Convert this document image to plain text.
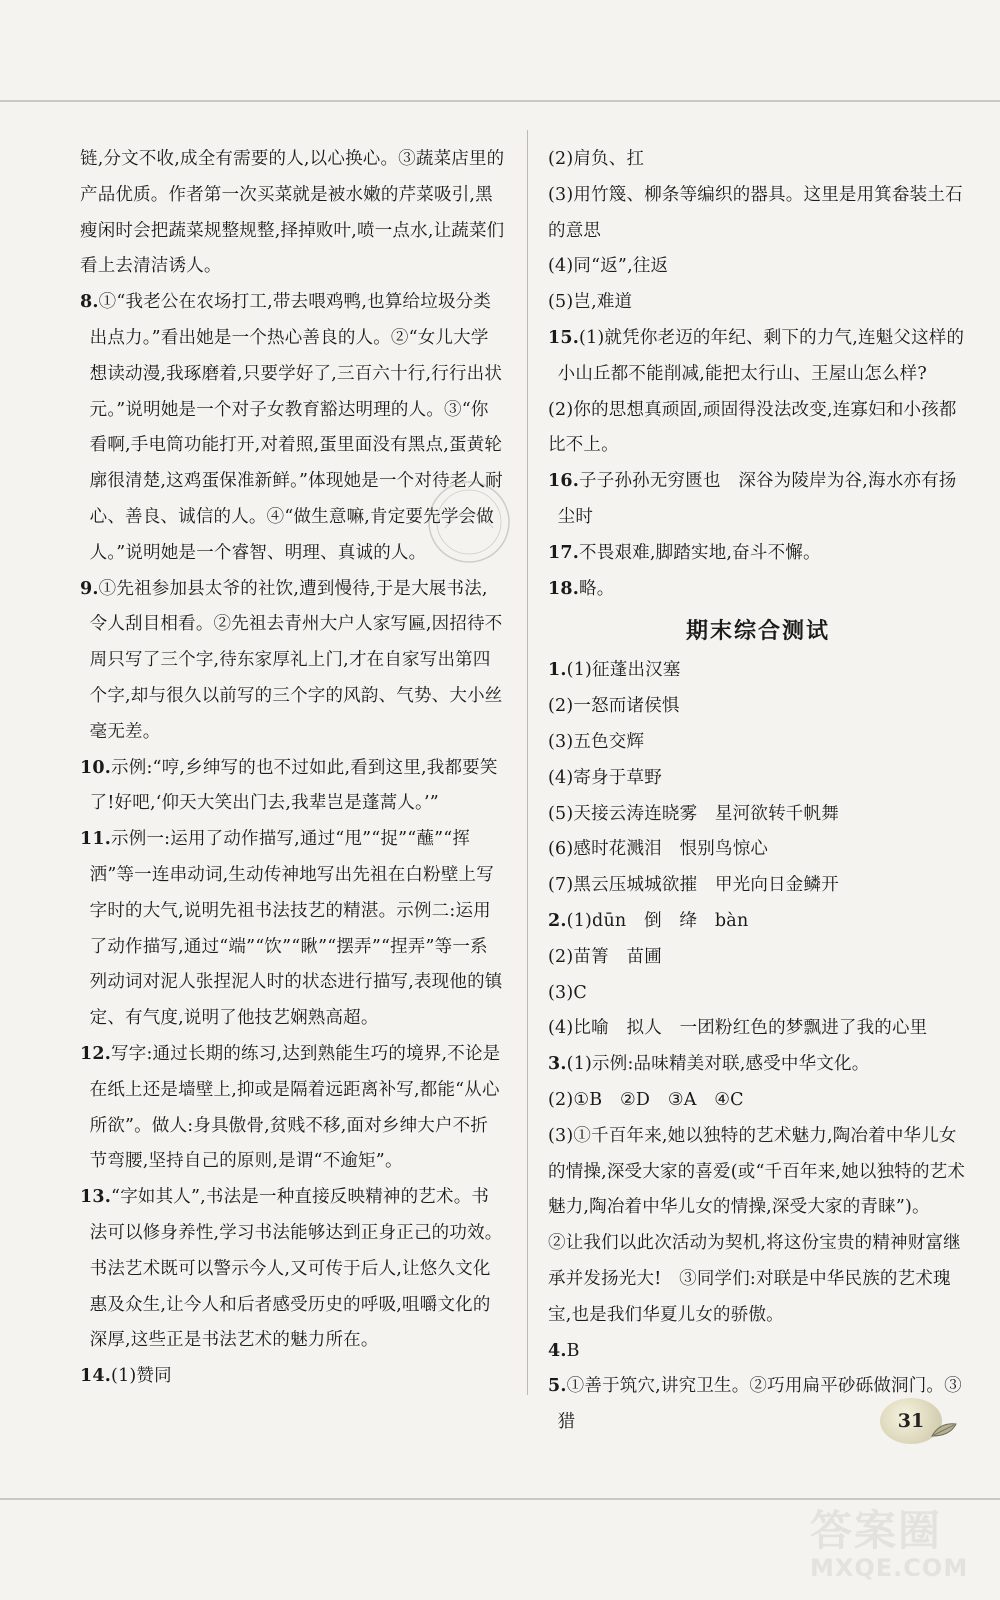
链,分文不收,成全有需要的人,以心换心。③蔬菜店里的产品优质。作者第一次买菜就是被水嫩的芹菜吸引,黑瘦闲时会把蔬菜规整规整,择掉败叶,喷一点水,让蔬菜们看上去清洁诱人。

8.①“我老公在农场打工,带去喂鸡鸭,也算给垃圾分类出点力。”看出她是一个热心善良的人。②“女儿大学想读动漫,我琢磨着,只要学好了,三百六十行,行行出状元。”说明她是一个对子女教育豁达明理的人。③“你看啊,手电筒功能打开,对着照,蛋里面没有黑点,蛋黄轮廓很清楚,这鸡蛋保准新鲜。”体现她是一个对待老人耐心、善良、诚信的人。④“做生意嘛,肯定要先学会做人。”说明她是一个睿智、明理、真诚的人。

9.①先祖参加县太爷的社饮,遭到慢待,于是大展书法,令人刮目相看。②先祖去青州大户人家写匾,因招待不周只写了三个字,待东家厚礼上门,才在自家写出第四个字,却与很久以前写的三个字的风韵、气势、大小丝毫无差。

10.示例:“哼,乡绅写的也不过如此,看到这里,我都要笑了!好吧,‘仰天大笑出门去,我辈岂是蓬蒿人。’”

11.示例一:运用了动作描写,通过“甩”“捉”“蘸”“挥洒”等一连串动词,生动传神地写出先祖在白粉壁上写字时的大气,说明先祖书法技艺的精湛。示例二:运用了动作描写,通过“端”“饮”“瞅”“摆弄”“捏弄”等一系列动词对泥人张捏泥人时的状态进行描写,表现他的镇定、有气度,说明了他技艺娴熟高超。

12.写字:通过长期的练习,达到熟能生巧的境界,不论是在纸上还是墙壁上,抑或是隔着远距离补写,都能“从心所欲”。做人:身具傲骨,贫贱不移,面对乡绅大户不折节弯腰,坚持自己的原则,是谓“不逾矩”。

13.“字如其人”,书法是一种直接反映精神的艺术。书法可以修身养性,学习书法能够达到正身正己的功效。书法艺术既可以警示今人,又可传于后人,让悠久文化惠及众生,让今人和后者感受历史的呼吸,咀嚼文化的深厚,这些正是书法艺术的魅力所在。

14.(1)赞同

(2)肩负、扛

(3)用竹篾、柳条等编织的器具。这里是用箕畚装土石的意思

(4)同“返”,往返

(5)岂,难道

15.(1)就凭你老迈的年纪、剩下的力气,连魁父这样的小山丘都不能削减,能把太行山、王屋山怎么样?

(2)你的思想真顽固,顽固得没法改变,连寡妇和小孩都比不上。

16.子子孙孙无穷匮也　深谷为陵岸为谷,海水亦有扬尘时

17.不畏艰难,脚踏实地,奋斗不懈。

18.略。

期末综合测试

1.(1)征蓬出汉塞

(2)一怒而诸侯惧

(3)五色交辉

(4)寄身于草野

(5)天接云涛连晓雾　星河欲转千帆舞

(6)感时花溅泪　恨别鸟惊心

(7)黑云压城城欲摧　甲光向日金鳞开

2.(1)dūn　倒　绛　bàn

(2)苗箐　苗圃

(3)C

(4)比喻　拟人　一团粉红色的梦飘进了我的心里

3.(1)示例:品味精美对联,感受中华文化。

(2)①B　②D　③A　④C

(3)①千百年来,她以独特的艺术魅力,陶冶着中华儿女的情操,深受大家的喜爱(或“千百年来,她以独特的艺术魅力,陶冶着中华儿女的情操,深受大家的青睐”)。

②让我们以此次活动为契机,将这份宝贵的精神财富继承并发扬光大!　③同学们:对联是中华民族的艺术瑰宝,也是我们华夏儿女的骄傲。

4.B

5.①善于筑穴,讲究卫生。②巧用扁平砂砾做洞门。③猎	31
答案圈
MXQE.COM
